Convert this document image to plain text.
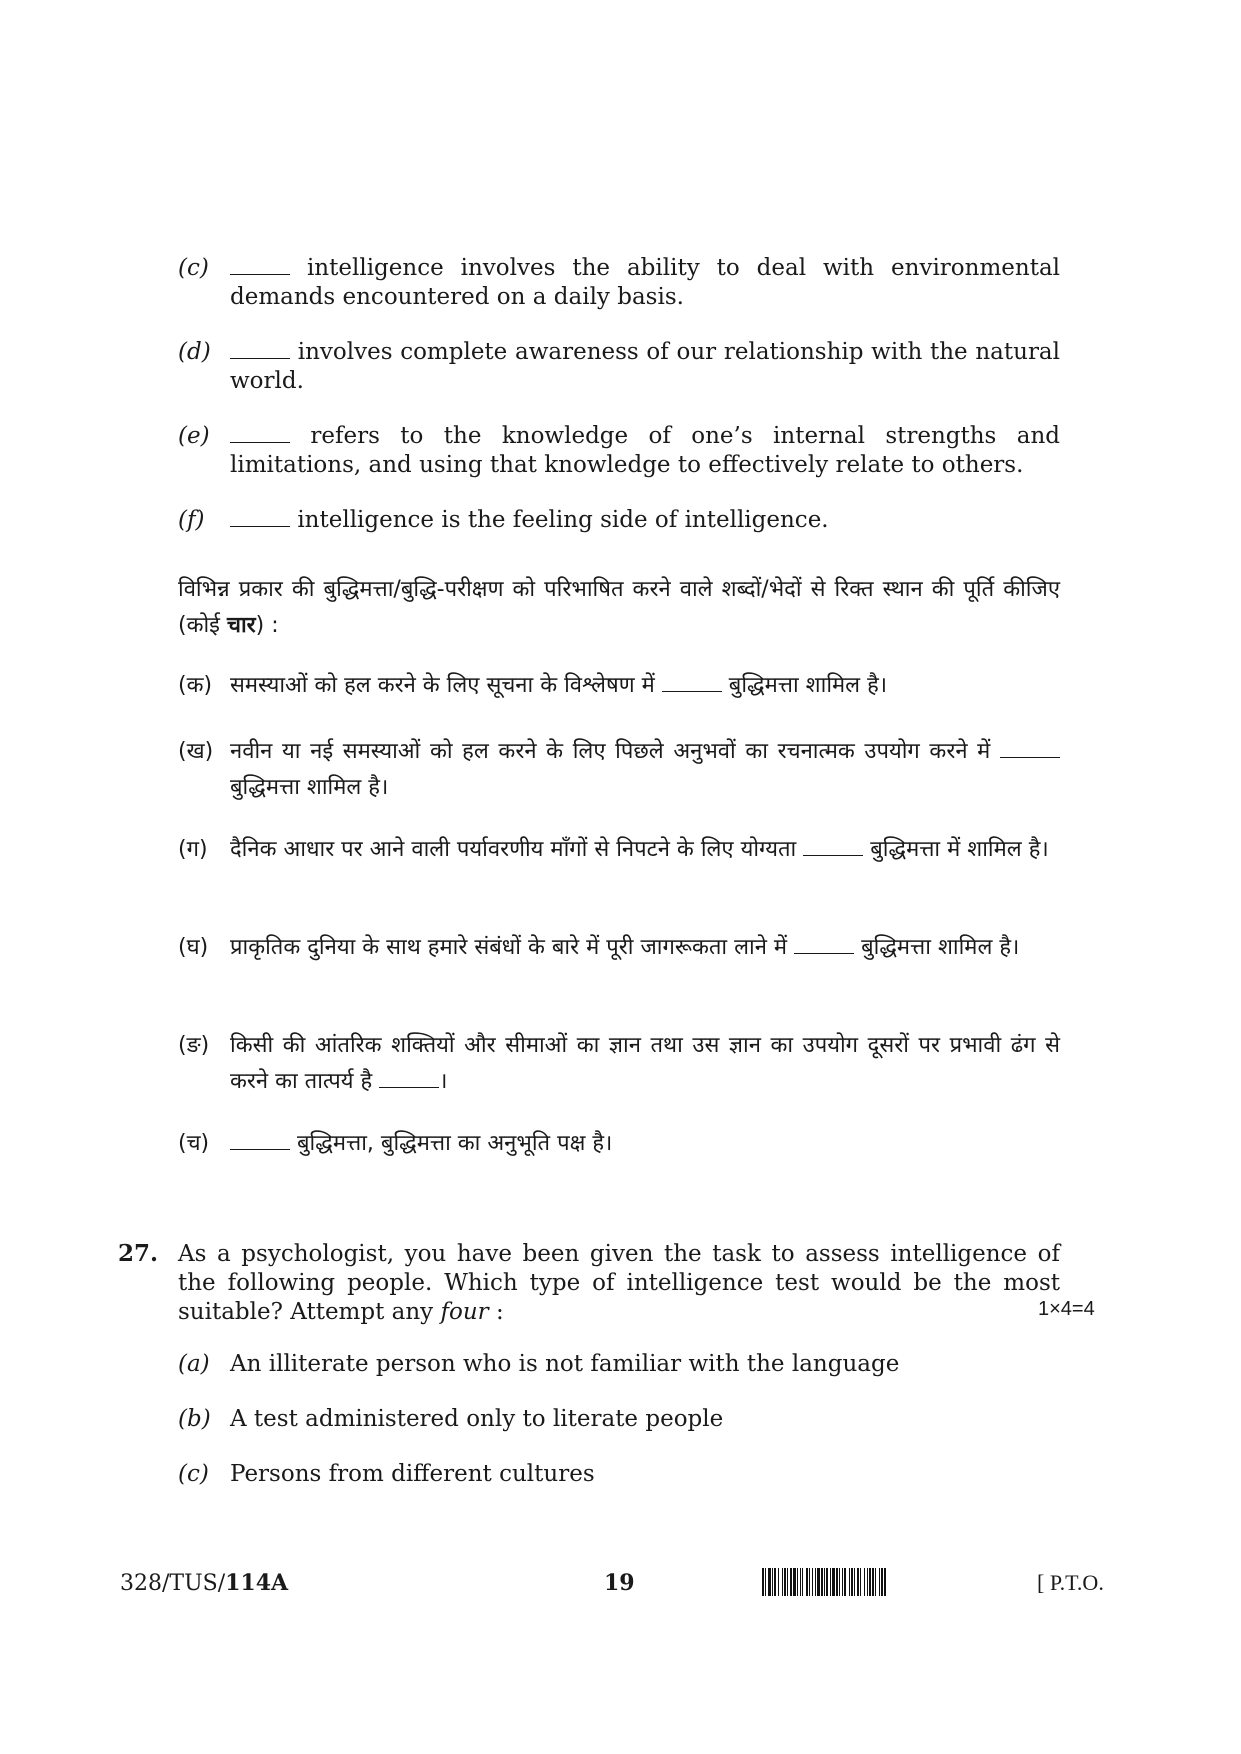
(c)	intelligence involves the ability to deal with environmental demands encountered on a daily basis.
(d)	involves complete awareness of our relationship with the natural world.
(e)	refers to the knowledge of one’s internal strengths and limitations, and using that knowledge to effectively relate to others.
(f)	intelligence is the feeling side of intelligence.
विभिन्न प्रकार की बुद्धिमत्ता/बुद्धि-परीक्षण को परिभाषित करने वाले शब्दों/भेदों से रिक्त स्थान की पूर्ति कीजिए (कोई चार) :
(क) समस्याओं को हल करने के लिए सूचना के विश्लेषण में	बुद्धिमत्ता शामिल है।
(ख) नवीन या नई समस्याओं को हल करने के लिए पिछले अनुभवों का रचनात्मक उपयोग करने में  बुद्धिमत्ता शामिल है।
(ग) दैनिक आधार पर आने वाली पर्यावरणीय माँगों से निपटने के लिए योग्यता	बुद्धिमत्ता में शामिल है।
(घ) प्राकृतिक दुनिया के साथ हमारे संबंधों के बारे में पूरी जागरूकता लाने में	बुद्धिमत्ता शामिल है।
(ङ) किसी की आंतरिक शक्तियों और सीमाओं का ज्ञान तथा उस ज्ञान का उपयोग दूसरों पर प्रभावी ढंग से करने का तात्पर्य है	।
(च)	बुद्धिमत्ता, बुद्धिमत्ता का अनुभूति पक्ष है।
27. As a psychologist, you have been given the task to assess intelligence of the following people. Which type of intelligence test would be the most suitable? Attempt any four :	1×4=4
(a) An illiterate person who is not familiar with the language
(b) A test administered only to literate people
(c) Persons from different cultures
328/TUS/114A	19	[ P.T.O.
